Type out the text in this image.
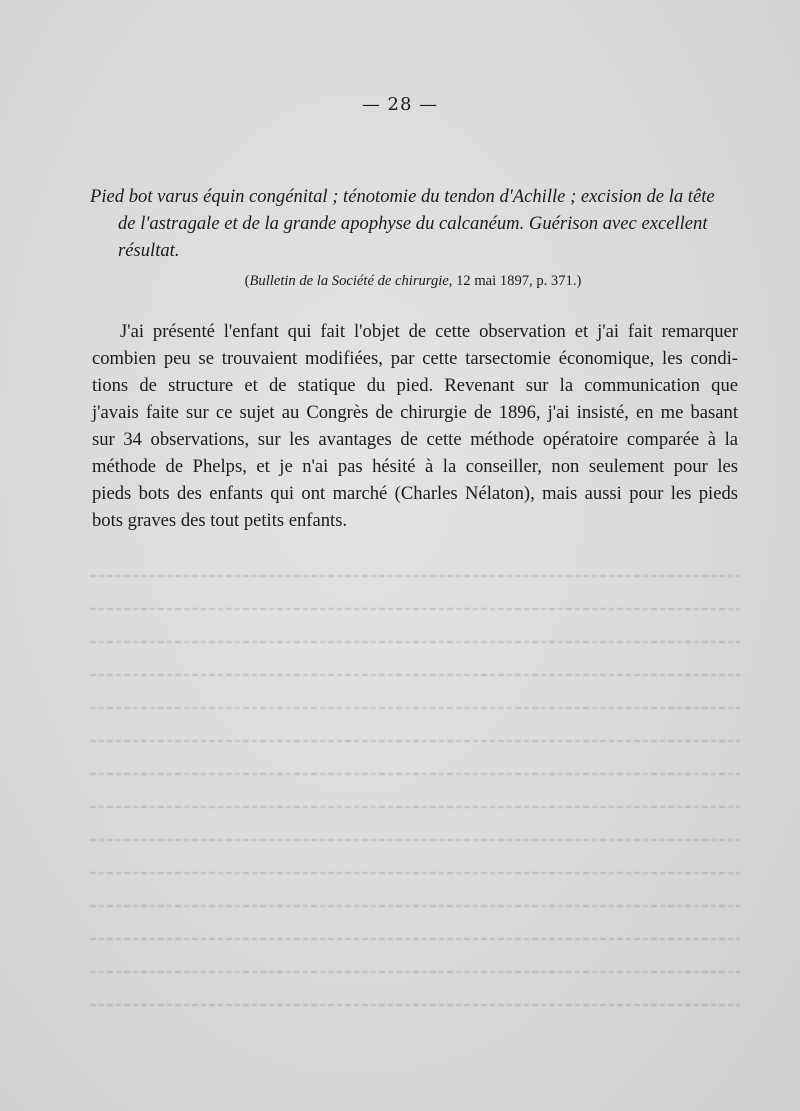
— 28 —
Pied bot varus équin congénital ; ténotomie du tendon d'Achille ; excision de la tête
de l'astragale et de la grande apophyse du calcanéum. Guérison avec excellent
résultat.
(Bulletin de la Société de chirurgie, 12 mai 1897, p. 371.)
J'ai présenté l'enfant qui fait l'objet de cette observation et j'ai fait remarquer
combien peu se trouvaient modifiées, par cette tarsectomie économique, les condi-
tions de structure et de statique du pied. Revenant sur la communication que
j'avais faite sur ce sujet au Congrès de chirurgie de 1896, j'ai insisté, en me basant
sur 34 observations, sur les avantages de cette méthode opératoire comparée à la
méthode de Phelps, et je n'ai pas hésité à la conseiller, non seulement pour les
pieds bots des enfants qui ont marché (Charles Nélaton), mais aussi pour les pieds
bots graves des tout petits enfants.
